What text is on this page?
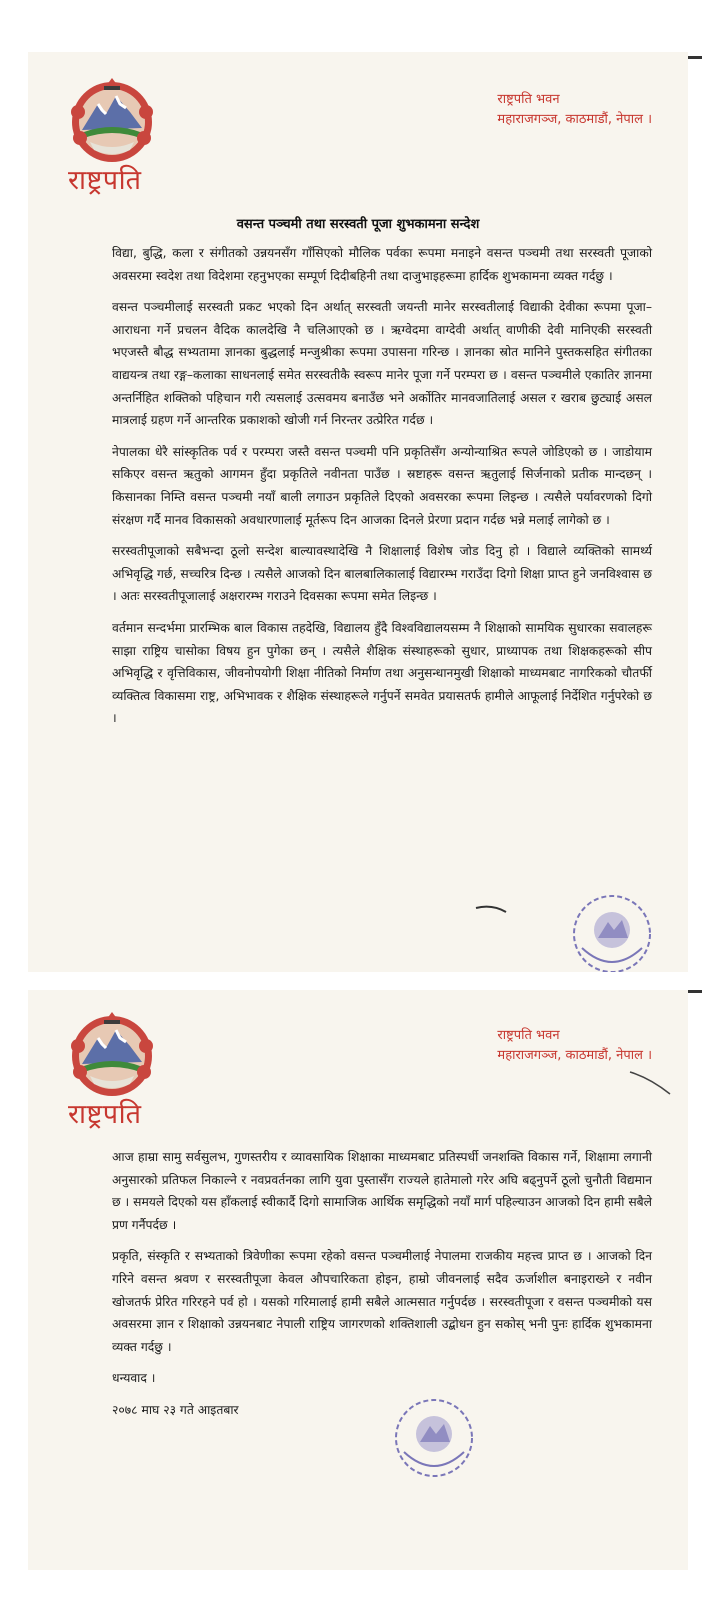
राष्ट्रपति
राष्ट्रपति भवन
महाराजगञ्ज, काठमाडौं, नेपाल ।
वसन्त पञ्चमी तथा सरस्वती पूजा शुभकामना सन्देश

विद्या, बुद्धि, कला र संगीतको उन्नयनसँग गाँसिएको मौलिक पर्वका रूपमा मनाइने वसन्त पञ्चमी तथा सरस्वती पूजाको अवसरमा स्वदेश तथा विदेशमा रहनुभएका सम्पूर्ण दिदीबहिनी तथा दाजुभाइहरूमा हार्दिक शुभकामना व्यक्त गर्दछु ।

वसन्त पञ्चमीलाई सरस्वती प्रकट भएको दिन अर्थात् सरस्वती जयन्ती मानेर सरस्वतीलाई विद्याकी देवीका रूपमा पूजा–आराधना गर्ने प्रचलन वैदिक कालदेखि नै चलिआएको छ । ऋग्वेदमा वाग्देवी अर्थात् वाणीकी देवी मानिएकी सरस्वती भएजस्तै बौद्ध सभ्यतामा ज्ञानका बुद्धलाई मन्जुश्रीका रूपमा उपासना गरिन्छ । ज्ञानका स्रोत मानिने पुस्तकसहित संगीतका वाद्ययन्त्र तथा रङ्ग–कलाका साधनलाई समेत सरस्वतीकै स्वरूप मानेर पूजा गर्ने परम्परा छ । वसन्त पञ्चमीले एकातिर ज्ञानमा अन्तर्निहित शक्तिको पहिचान गरी त्यसलाई उत्सवमय बनाउँछ भने अर्कोतिर मानवजातिलाई असल र खराब छुट्याई असल मात्रलाई ग्रहण गर्ने आन्तरिक प्रकाशको खोजी गर्न निरन्तर उत्प्रेरित गर्दछ ।

नेपालका धेरै सांस्कृतिक पर्व र परम्परा जस्तै वसन्त पञ्चमी पनि प्रकृतिसँग अन्योन्याश्रित रूपले जोडिएको छ । जाडोयाम सकिएर वसन्त ऋतुको आगमन हुँदा प्रकृतिले नवीनता पाउँछ । स्रष्टाहरू वसन्त ऋतुलाई सिर्जनाको प्रतीक मान्दछन् । किसानका निम्ति वसन्त पञ्चमी नयाँ बाली लगाउन प्रकृतिले दिएको अवसरका रूपमा लिइन्छ । त्यसैले पर्यावरणको दिगो संरक्षण गर्दै मानव विकासको अवधारणालाई मूर्तरूप दिन आजका दिनले प्रेरणा प्रदान गर्दछ भन्ने मलाई लागेको छ ।

सरस्वतीपूजाको सबैभन्दा ठूलो सन्देश बाल्यावस्थादेखि नै शिक्षालाई विशेष जोड दिनु हो । विद्याले व्यक्तिको सामर्थ्य अभिवृद्धि गर्छ, सच्चरित्र दिन्छ । त्यसैले आजको दिन बालबालिकालाई विद्यारम्भ गराउँदा दिगो शिक्षा प्राप्त हुने जनविश्वास छ । अतः सरस्वतीपूजालाई अक्षरारम्भ गराउने दिवसका रूपमा समेत लिइन्छ ।

वर्तमान सन्दर्भमा प्रारम्भिक बाल विकास तहदेखि, विद्यालय हुँदै विश्वविद्यालयसम्म नै शिक्षाको सामयिक सुधारका सवालहरू साझा राष्ट्रिय चासोका विषय हुन पुगेका छन् । त्यसैले शैक्षिक संस्थाहरूको सुधार, प्राध्यापक तथा शिक्षकहरूको सीप अभिवृद्धि र वृत्तिविकास, जीवनोपयोगी शिक्षा नीतिको निर्माण तथा अनुसन्धानमुखी शिक्षाको माध्यमबाट नागरिकको चौतर्फी व्यक्तित्व विकासमा राष्ट्र, अभिभावक र शैक्षिक संस्थाहरूले गर्नुपर्ने समवेत प्रयासतर्फ हामीले आफूलाई निर्देशित गर्नुपरेको छ ।

राष्ट्रपति
राष्ट्रपति भवन
महाराजगञ्ज, काठमाडौं, नेपाल ।

आज हाम्रा सामु सर्वसुलभ, गुणस्तरीय र व्यावसायिक शिक्षाका माध्यमबाट प्रतिस्पर्धी जनशक्ति विकास गर्ने, शिक्षामा लगानी अनुसारको प्रतिफल निकाल्ने र नवप्रवर्तनका लागि युवा पुस्तासँग राज्यले हातेमालो गरेर अघि बढ्नुपर्ने ठूलो चुनौती विद्यमान छ । समयले दिएको यस हाँकलाई स्वीकार्दै दिगो सामाजिक आर्थिक समृद्धिको नयाँ मार्ग पहिल्याउन आजको दिन हामी सबैले प्रण गर्नैपर्दछ ।

प्रकृति, संस्कृति र सभ्यताको त्रिवेणीका रूपमा रहेको वसन्त पञ्चमीलाई नेपालमा राजकीय महत्त्व प्राप्त छ । आजको दिन गरिने वसन्त श्रवण र सरस्वतीपूजा केवल औपचारिकता होइन, हाम्रो जीवनलाई सदैव ऊर्जाशील बनाइराख्ने र नवीन खोजतर्फ प्रेरित गरिरहने पर्व हो । यसको गरिमालाई हामी सबैले आत्मसात गर्नुपर्दछ । सरस्वतीपूजा र वसन्त पञ्चमीको यस अवसरमा ज्ञान र शिक्षाको उन्नयनबाट नेपाली राष्ट्रिय जागरणको शक्तिशाली उद्बोधन हुन सकोस् भनी पुनः हार्दिक शुभकामना व्यक्त गर्दछु ।

धन्यवाद ।

२०७८ माघ २३ गते आइतबार
